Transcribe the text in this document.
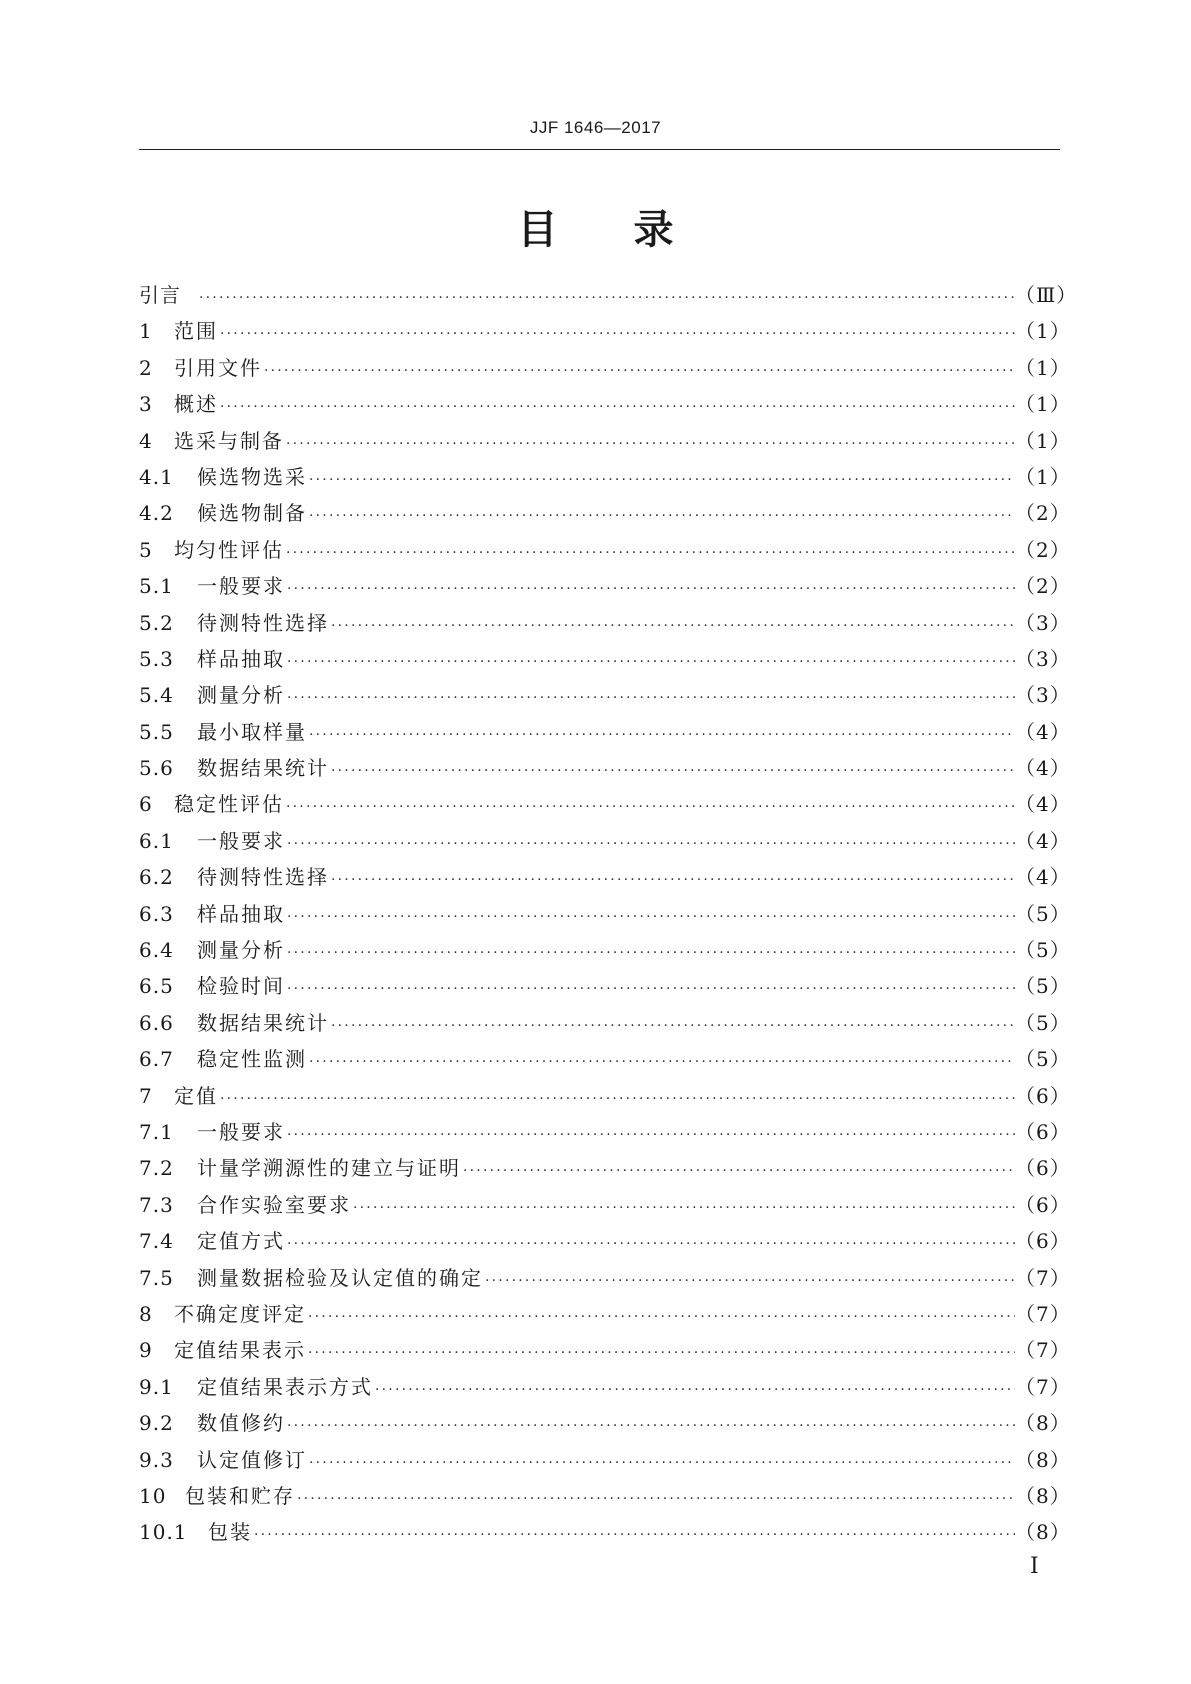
JJF 1646—2017
目录
引言 ·····	（Ⅲ）
1	范围 ·····	（1）
2	引用文件 ·····	（1）
3	概述 ·····	（1）
4	选采与制备 ·····	（1）
4.1	候选物选采 ·····	（1）
4.2	候选物制备 ·····	（2）
5	均匀性评估 ·····	（2）
5.1	一般要求 ·····	（2）
5.2	待测特性选择 ·····	（3）
5.3	样品抽取 ·····	（3）
5.4	测量分析 ·····	（3）
5.5	最小取样量 ·····	（4）
5.6	数据结果统计 ·····	（4）
6	稳定性评估 ·····	（4）
6.1	一般要求 ·····	（4）
6.2	待测特性选择 ·····	（4）
6.3	样品抽取 ·····	（5）
6.4	测量分析 ·····	（5）
6.5	检验时间 ·····	（5）
6.6	数据结果统计 ·····	（5）
6.7	稳定性监测 ·····	（5）
7	定值 ·····	（6）
7.1	一般要求 ·····	（6）
7.2	计量学溯源性的建立与证明 ·····	（6）
7.3	合作实验室要求 ·····	（6）
7.4	定值方式 ·····	（6）
7.5	测量数据检验及认定值的确定 ·····	（7）
8	不确定度评定 ·····	（7）
9	定值结果表示 ·····	（7）
9.1	定值结果表示方式 ·····	（7）
9.2	数值修约 ·····	（8）
9.3	认定值修订 ·····	（8）
10 包装和贮存 ·····	（8）
10.1	包装 ·····	（8）
I
